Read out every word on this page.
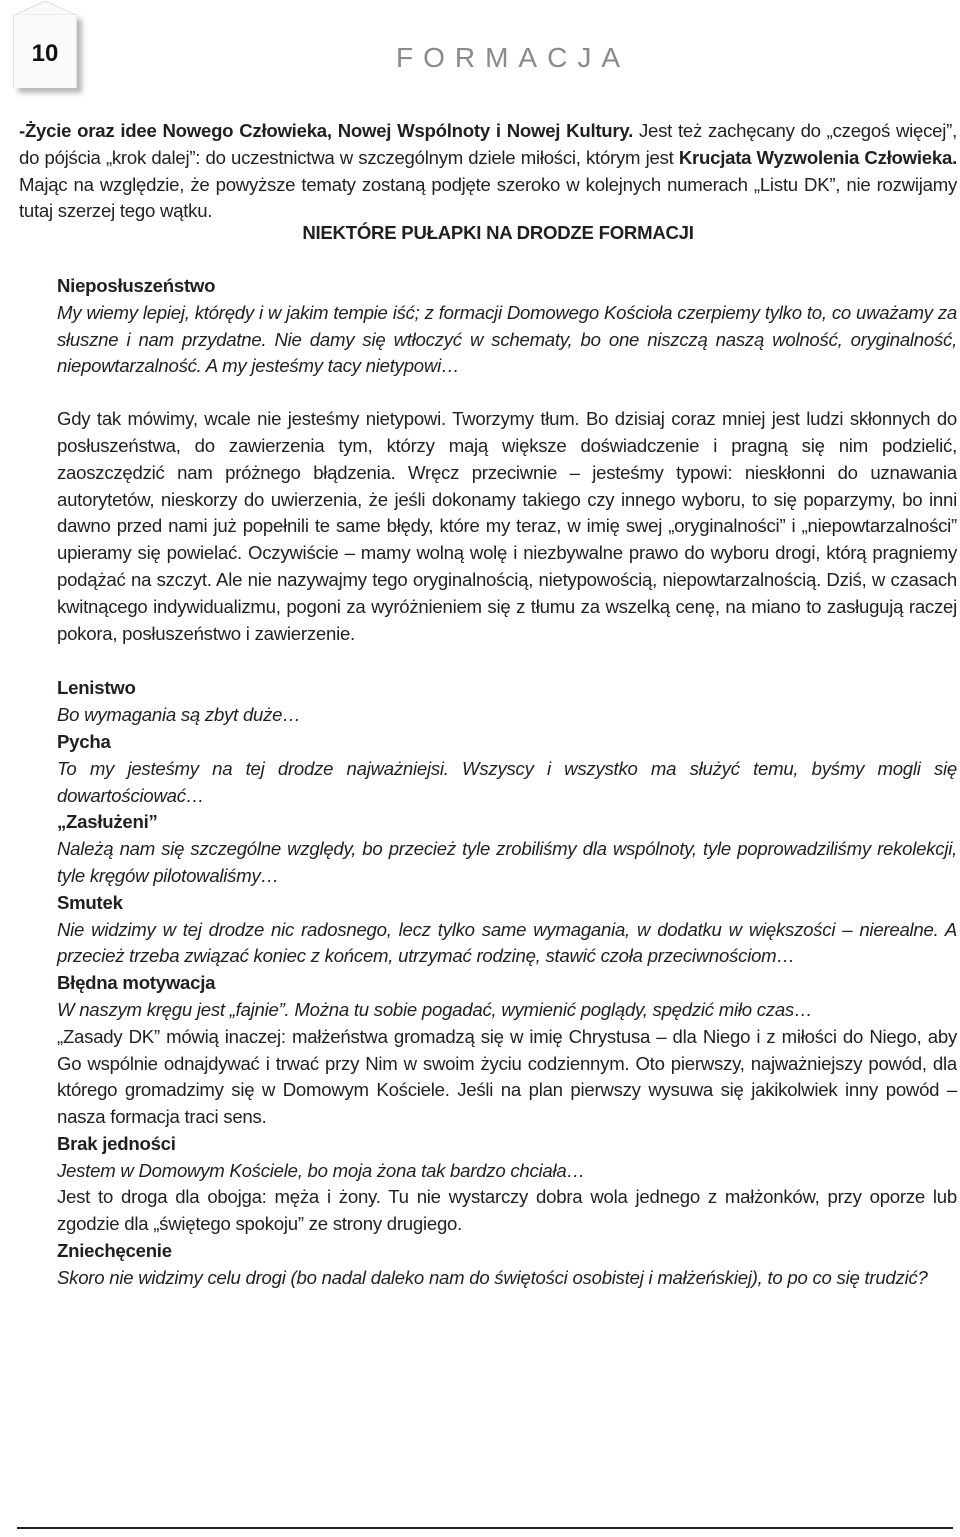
10	FORMACJA

-Życie oraz idee Nowego Człowieka, Nowej Wspólnoty i Nowej Kultury. Jest też zachęcany do „czegoś więcej”, do pójścia „krok dalej”: do uczestnictwa w szczególnym dziele miłości, którym jest Krucjata Wyzwolenia Człowieka. Mając na względzie, że powyższe tematy zostaną podjęte szeroko w kolejnych numerach „Listu DK”, nie rozwijamy tutaj szerzej tego wątku.

NIEKTÓRE PUŁAPKI NA DRODZE FORMACJI
Nieposłuszeństwo

My wiemy lepiej, którędy i w jakim tempie iść; z formacji Domowego Kościoła czerpiemy tylko to, co uważamy za słuszne i nam przydatne. Nie damy się wtłoczyć w schematy, bo one niszczą naszą wolność, oryginalność, niepowtarzalność. A my jesteśmy tacy nietypowi…

Gdy tak mówimy, wcale nie jesteśmy nietypowi. Tworzymy tłum. Bo dzisiaj coraz mniej jest ludzi skłonnych do posłuszeństwa, do zawierzenia tym, którzy mają większe doświadczenie i pragną się nim podzielić, zaoszczędzić nam próżnego błądzenia. Wręcz przeciwnie – jesteśmy typowi: nieskłonni do uznawania autorytetów, nieskorzy do uwierzenia, że jeśli dokonamy takiego czy innego wyboru, to się poparzymy, bo inni dawno przed nami już popełnili te same błędy, które my teraz, w imię swej „oryginalności” i „niepowtarzalności” upieramy się powielać. Oczywiście – mamy wolną wolę i niezbywalne prawo do wyboru drogi, którą pragniemy podążać na szczyt. Ale nie nazywajmy tego oryginalnością, nietypowością, niepowtarzalnością. Dziś, w czasach kwitnącego indywidualizmu, pogoni za wyróżnieniem się z tłumu za wszelką cenę, na miano to zasługują raczej pokora, posłuszeństwo i zawierzenie.

Lenistwo

Bo wymagania są zbyt duże…

Pycha

To my jesteśmy na tej drodze najważniejsi. Wszyscy i wszystko ma służyć temu, byśmy mogli się dowartościować…

„Zasłużeni”

Należą nam się szczególne względy, bo przecież tyle zrobiliśmy dla wspólnoty, tyle poprowadziliśmy rekolekcji, tyle kręgów pilotowaliśmy…

Smutek

Nie widzimy w tej drodze nic radosnego, lecz tylko same wymagania, w dodatku w większości – nierealne. A przecież trzeba związać koniec z końcem, utrzymać rodzinę, stawić czoła przeciwnościom…

Błędna motywacja

W naszym kręgu jest „fajnie”. Można tu sobie pogadać, wymienić poglądy, spędzić miło czas…

„Zasady DK” mówią inaczej: małżeństwa gromadzą się w imię Chrystusa – dla Niego i z miłości do Niego, aby Go wspólnie odnajdywać i trwać przy Nim w swoim życiu codziennym. Oto pierwszy, najważniejszy powód, dla którego gromadzimy się w Domowym Kościele. Jeśli na plan pierwszy wysuwa się jakikolwiek inny powód – nasza formacja traci sens.

Brak jedności

Jestem w Domowym Kościele, bo moja żona tak bardzo chciała…

Jest to droga dla obojga: męża i żony. Tu nie wystarczy dobra wola jednego z małżonków, przy oporze lub zgodzie dla „świętego spokoju” ze strony drugiego.

Zniechęcenie

Skoro nie widzimy celu drogi (bo nadal daleko nam do świętości osobistej i małżeńskiej), to po co się trudzić?
